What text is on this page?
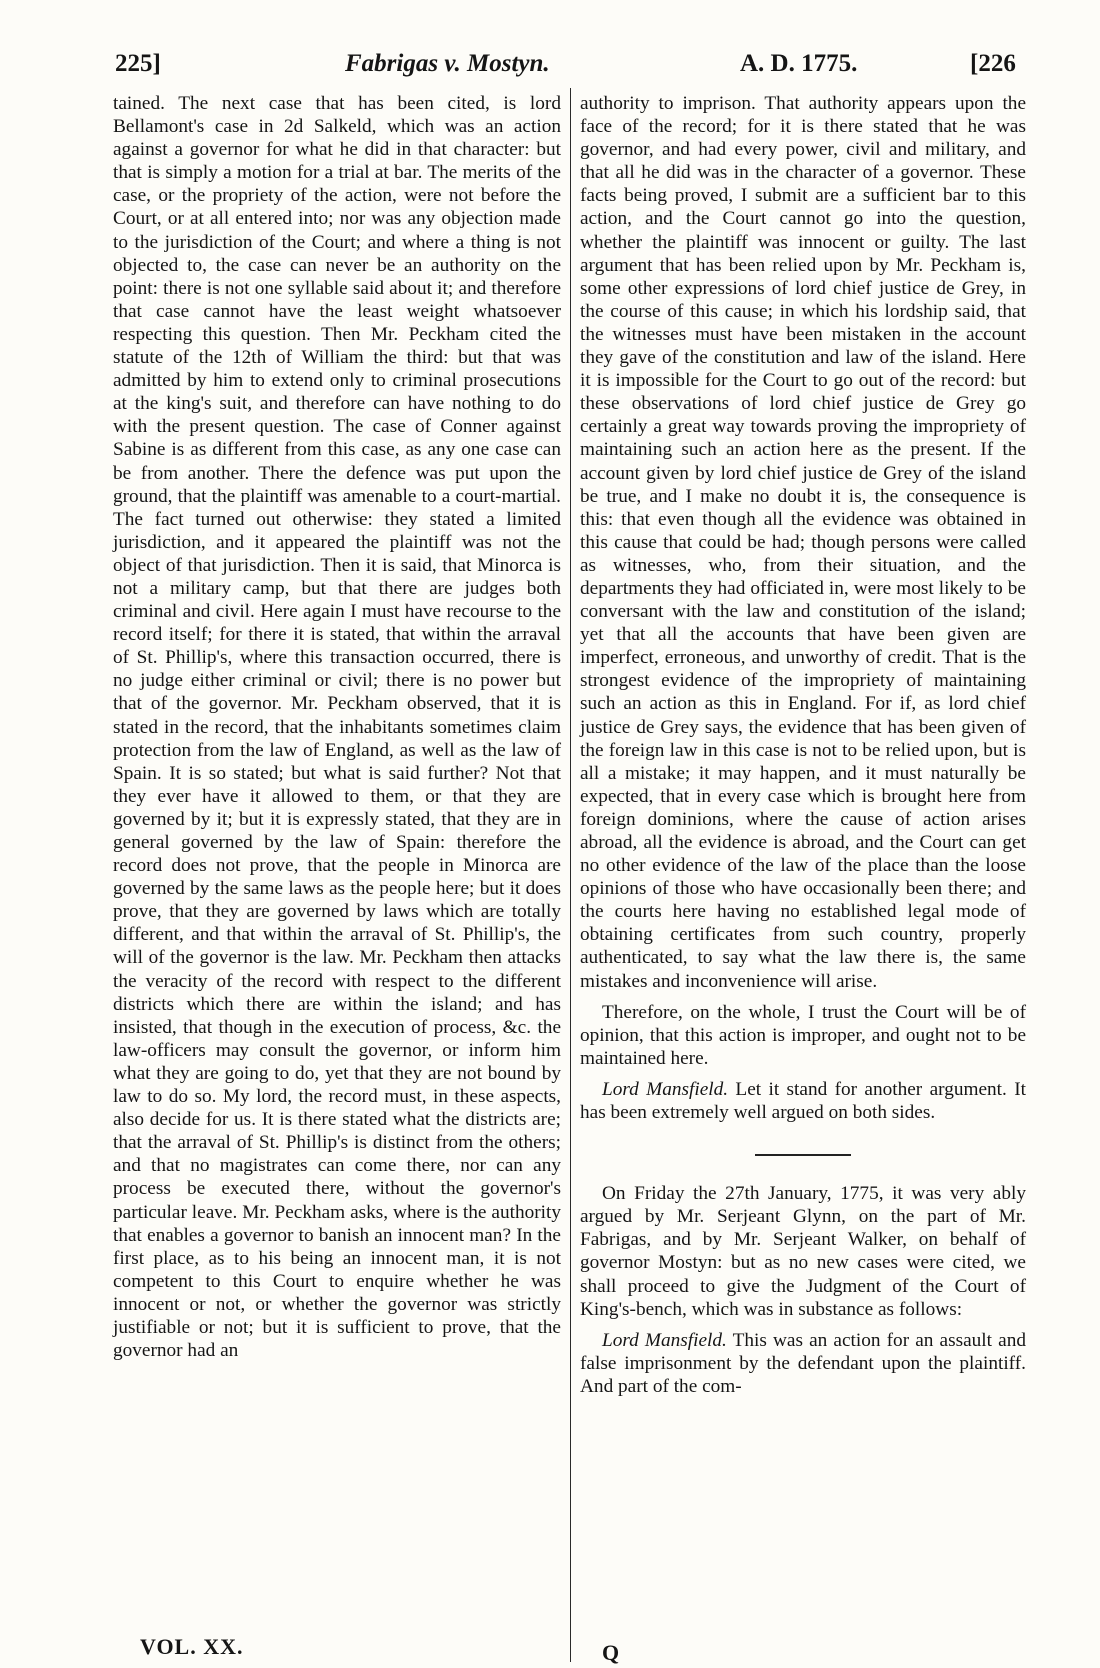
225]	Fabrigas v. Mostyn.	A. D. 1775.	[226

tained. The next case that has been cited, is lord Bellamont's case in 2d Salkeld, which was an action against a governor for what he did in that character: but that is simply a motion for a trial at bar. The merits of the case, or the propriety of the action, were not before the Court, or at all entered into; nor was any objection made to the jurisdiction of the Court; and where a thing is not objected to, the case can never be an authority on the point: there is not one syllable said about it; and therefore that case cannot have the least weight whatsoever respecting this question. Then Mr. Peckham cited the statute of the 12th of William the third: but that was admitted by him to extend only to criminal prosecutions at the king's suit, and therefore can have nothing to do with the present question. The case of Conner against Sabine is as different from this case, as any one case can be from another. There the defence was put upon the ground, that the plaintiff was amenable to a court-martial. The fact turned out otherwise: they stated a limited jurisdiction, and it appeared the plaintiff was not the object of that jurisdiction. Then it is said, that Minorca is not a military camp, but that there are judges both criminal and civil. Here again I must have recourse to the record itself; for there it is stated, that within the arraval of St. Phillip's, where this transaction occurred, there is no judge either criminal or civil; there is no power but that of the governor. Mr. Peckham observed, that it is stated in the record, that the inhabitants sometimes claim protection from the law of England, as well as the law of Spain. It is so stated; but what is said further? Not that they ever have it allowed to them, or that they are governed by it; but it is expressly stated, that they are in general governed by the law of Spain: therefore the record does not prove, that the people in Minorca are governed by the same laws as the people here; but it does prove, that they are governed by laws which are totally different, and that within the arraval of St. Phillip's, the will of the governor is the law. Mr. Peckham then attacks the veracity of the record with respect to the different districts which there are within the island; and has insisted, that though in the execution of process, &c. the law-officers may consult the governor, or inform him what they are going to do, yet that they are not bound by law to do so. My lord, the record must, in these aspects, also decide for us. It is there stated what the districts are; that the arraval of St. Phillip's is distinct from the others; and that no magistrates can come there, nor can any process be executed there, without the governor's particular leave. Mr. Peckham asks, where is the authority that enables a governor to banish an innocent man? In the first place, as to his being an innocent man, it is not competent to this Court to enquire whether he was innocent or not, or whether the governor was strictly justifiable or not; but it is sufficient to prove, that the governor had an

authority to imprison. That authority appears upon the face of the record; for it is there stated that he was governor, and had every power, civil and military, and that all he did was in the character of a governor. These facts being proved, I submit are a sufficient bar to this action, and the Court cannot go into the question, whether the plaintiff was innocent or guilty. The last argument that has been relied upon by Mr. Peckham is, some other expressions of lord chief justice de Grey, in the course of this cause; in which his lordship said, that the witnesses must have been mistaken in the account they gave of the constitution and law of the island. Here it is impossible for the Court to go out of the record: but these observations of lord chief justice de Grey go certainly a great way towards proving the impropriety of maintaining such an action here as the present. If the account given by lord chief justice de Grey of the island be true, and I make no doubt it is, the consequence is this: that even though all the evidence was obtained in this cause that could be had; though persons were called as witnesses, who, from their situation, and the departments they had officiated in, were most likely to be conversant with the law and constitution of the island; yet that all the accounts that have been given are imperfect, erroneous, and unworthy of credit. That is the strongest evidence of the impropriety of maintaining such an action as this in England. For if, as lord chief justice de Grey says, the evidence that has been given of the foreign law in this case is not to be relied upon, but is all a mistake; it may happen, and it must naturally be expected, that in every case which is brought here from foreign dominions, where the cause of action arises abroad, all the evidence is abroad, and the Court can get no other evidence of the law of the place than the loose opinions of those who have occasionally been there; and the courts here having no established legal mode of obtaining certificates from such country, properly authenticated, to say what the law there is, the same mistakes and inconvenience will arise.

Therefore, on the whole, I trust the Court will be of opinion, that this action is improper, and ought not to be maintained here.

Lord Mansfield. Let it stand for another argument. It has been extremely well argued on both sides.

On Friday the 27th January, 1775, it was very ably argued by Mr. Serjeant Glynn, on the part of Mr. Fabrigas, and by Mr. Serjeant Walker, on behalf of governor Mostyn: but as no new cases were cited, we shall proceed to give the Judgment of the Court of King's-bench, which was in substance as follows:

Lord Mansfield. This was an action for an assault and false imprisonment by the defendant upon the plaintiff. And part of the com-

VOL. XX.	Q
